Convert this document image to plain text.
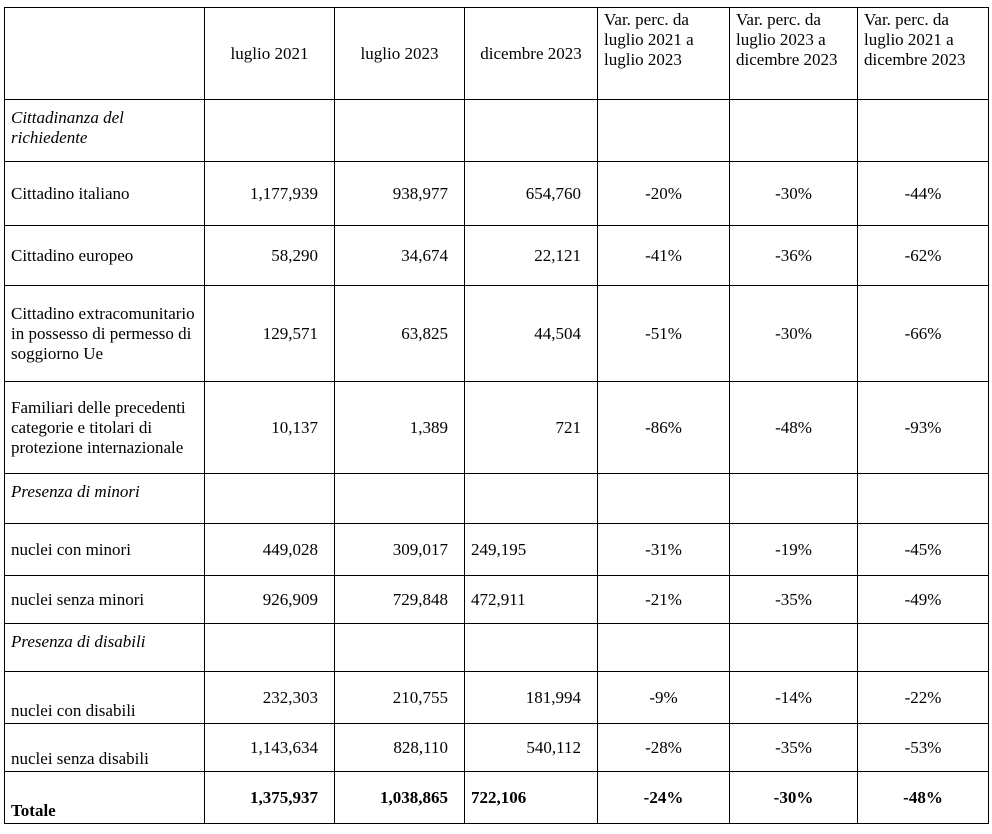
	luglio 2021	luglio 2023	dicembre 2023	Var. perc. da luglio 2021 a luglio 2023	Var. perc. da luglio 2023 a dicembre 2023	Var. perc. da luglio 2021 a dicembre 2023
Cittadinanza del richiedente						
Cittadino italiano	1,177,939	938,977	654,760	-20%	-30%	-44%
Cittadino europeo	58,290	34,674	22,121	-41%	-36%	-62%
Cittadino extracomunitario in possesso di permesso di soggiorno Ue	129,571	63,825	44,504	-51%	-30%	-66%
Familiari delle precedenti categorie e titolari di protezione internazionale	10,137	1,389	721	-86%	-48%	-93%
Presenza di minori						
nuclei con minori	449,028	309,017	249,195	-31%	-19%	-45%
nuclei senza minori	926,909	729,848	472,911	-21%	-35%	-49%
Presenza di disabili						
nuclei con disabili	232,303	210,755	181,994	-9%	-14%	-22%
nuclei senza disabili	1,143,634	828,110	540,112	-28%	-35%	-53%
Totale	1,375,937	1,038,865	722,106	-24%	-30%	-48%
